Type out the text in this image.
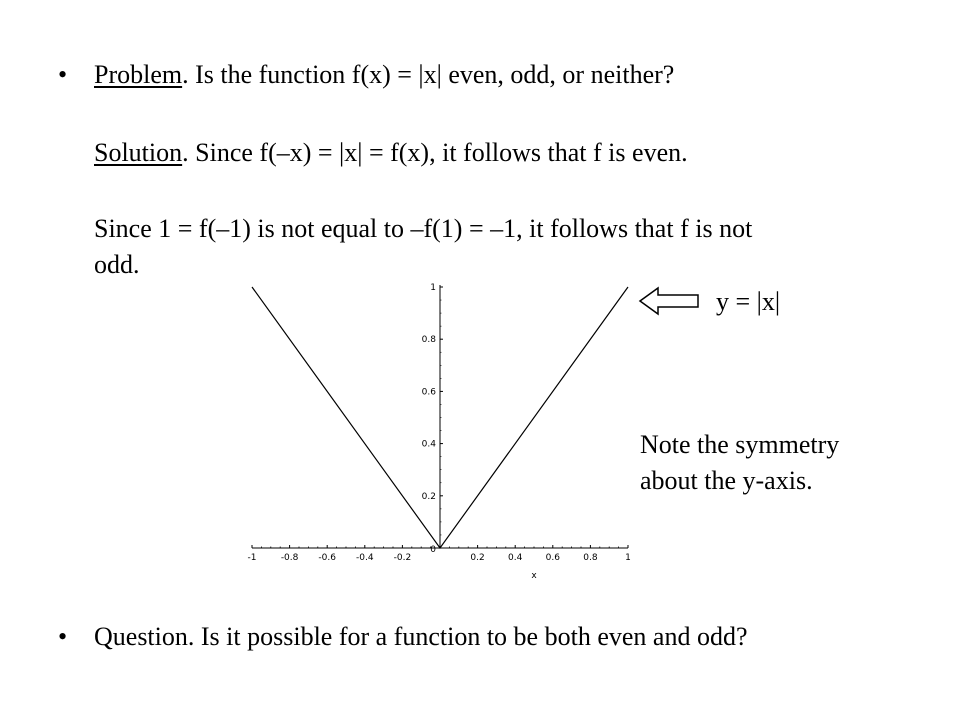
• Problem. Is the function f(x) = |x| even, odd, or neither?
Solution. Since f(–x) = |x| = f(x), it follows that f is even.
Since 1 = f(–1) is not equal to –f(1) = –1, it follows that f is not
odd.
-1	-0.8 -0.6 -0.4 -0.2	0.2	0.4	0.6	0.8	1
0
0.2
0.4
0.6
0.8
1
x
y = |x|
Note the symmetry
about the y-axis.
• Question. Is it possible for a function to be both even and odd?
